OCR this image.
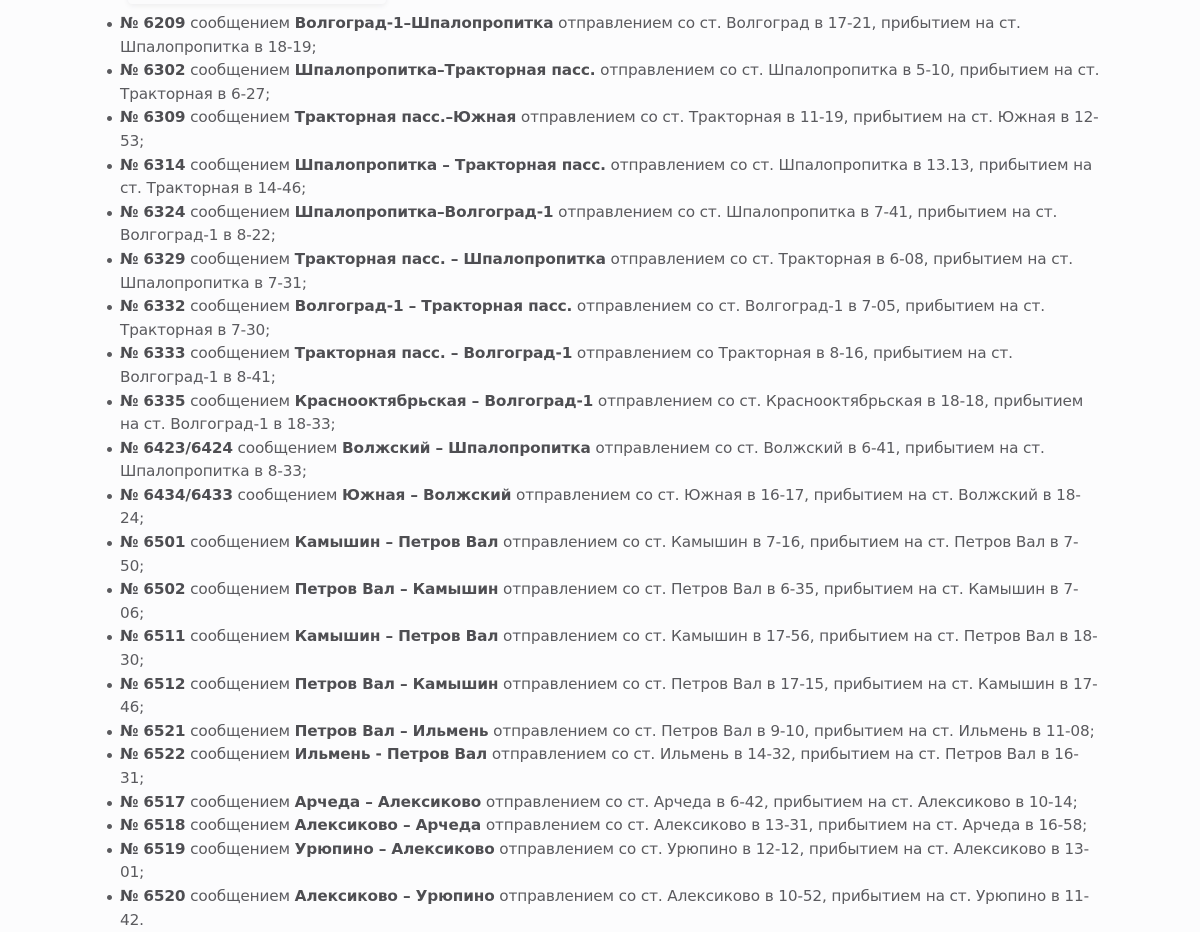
№ 6209 сообщением Волгоград-1–Шпалопропитка отправлением со ст. Волгоград в 17-21, прибытием на ст. Шпалопропитка в 18-19;
№ 6302 сообщением Шпалопропитка–Тракторная пасс. отправлением со ст. Шпалопропитка в 5-10, прибытием на ст. Тракторная в 6-27;
№ 6309 сообщением Тракторная пасс.–Южная отправлением со ст. Тракторная в 11-19, прибытием на ст. Южная в 12-53;
№ 6314 сообщением Шпалопропитка – Тракторная пасс. отправлением со ст. Шпалопропитка в 13.13, прибытием на ст. Тракторная в 14-46;
№ 6324 сообщением Шпалопропитка–Волгоград-1 отправлением со ст. Шпалопропитка в 7-41, прибытием на ст. Волгоград-1 в 8-22;
№ 6329 сообщением Тракторная пасс. – Шпалопропитка отправлением со ст. Тракторная в 6-08, прибытием на ст. Шпалопропитка в 7-31;
№ 6332 сообщением Волгоград-1 – Тракторная пасс. отправлением со ст. Волгоград-1 в 7-05, прибытием на ст. Тракторная в 7-30;
№ 6333 сообщением Тракторная пасс. – Волгоград-1 отправлением со Тракторная в 8-16, прибытием на ст. Волгоград-1 в 8-41;
№ 6335 сообщением Краснооктябрьская – Волгоград-1 отправлением со ст. Краснооктябрьская в 18-18, прибытием на ст. Волгоград-1 в 18-33;
№ 6423/6424 сообщением Волжский – Шпалопропитка отправлением со ст. Волжский в 6-41, прибытием на ст. Шпалопропитка в 8-33;
№ 6434/6433 сообщением Южная – Волжский отправлением со ст. Южная в 16-17, прибытием на ст. Волжский в 18-24;
№ 6501 сообщением Камышин – Петров Вал отправлением со ст. Камышин в 7-16, прибытием на ст. Петров Вал в 7-50;
№ 6502 сообщением Петров Вал – Камышин отправлением со ст. Петров Вал в 6-35, прибытием на ст. Камышин в 7-06;
№ 6511 сообщением Камышин – Петров Вал отправлением со ст. Камышин в 17-56, прибытием на ст. Петров Вал в 18-30;
№ 6512 сообщением Петров Вал – Камышин отправлением со ст. Петров Вал в 17-15, прибытием на ст. Камышин в 17-46;
№ 6521 сообщением Петров Вал – Ильмень отправлением со ст. Петров Вал в 9-10, прибытием на ст. Ильмень в 11-08;
№ 6522 сообщением Ильмень - Петров Вал отправлением со ст. Ильмень в 14-32, прибытием на ст. Петров Вал в 16-31;
№ 6517 сообщением Арчеда – Алексиково отправлением со ст. Арчеда в 6-42, прибытием на ст. Алексиково в 10-14;
№ 6518 сообщением Алексиково – Арчеда отправлением со ст. Алексиково в 13-31, прибытием на ст. Арчеда в 16-58;
№ 6519 сообщением Урюпино – Алексиково отправлением со ст. Урюпино в 12-12, прибытием на ст. Алексиково в 13-01;
№ 6520 сообщением Алексиково – Урюпино отправлением со ст. Алексиково в 10-52, прибытием на ст. Урюпино в 11-42.
